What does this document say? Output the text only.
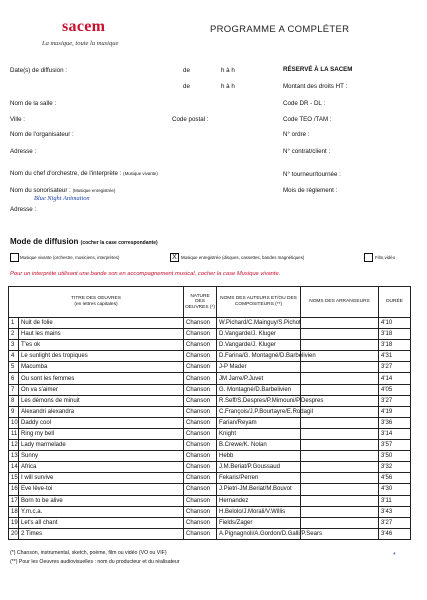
sacem
La musique, toute la musique
PROGRAMME A COMPLÉTER
Date(s) de diffusion :	de	h à h
de	h à h
Nom de la salle :
Ville :	Code postal :
Nom de l'organisateur :
Adresse :
Nom du chef d'orchestre, de l'interprète : (Musique vivante)
Nom du sonorisateur : (Musique enregistrée)
Blue Night Animation
Adresse :
RÉSERVÉ À LA SACEM
Montant des droits HT :
Code DR - DL :
Code TEO /TAM :
N° ordre :
N° contrat/client :
N° tourneur/tournée :
Mois de règlement :
Mode de diffusion (cocher la case correspondante)
Musique vivante (orchestre, musiciens, interprètes)	X Musique enregistrée (disques, cassettes, bandes magnétiques)	Film,vidéo
Pour un interprète utilisant une bande son en accompagnement musical, cocher la case Musique vivante.
TITRE DES OEUVRES
(en lettres capitales)		NATURE DES OEUVRES (*)	NOMS DES AUTEURS ET/OU DES COMPOSITEURS (**)	NOMS DES ARRANGEURS	DURÉE
1	Nuit de folie	Chanson	W.Pichard/C.Mainguy/S.Pichot		4'10
2	Haut les mains	Chanson	D.Vangarde/J. Kluger		3'18
3	T'es ok	Chanson	D.Vangarde/J. Kluger		3'18
4	Le sunlight des tropiques	Chanson	D.Farina/G. Montagné/D.Barbelivien		4'31
5	Macumba	Chanson	J-P Mader		3'27
6	Ou sont les femmes	Chanson	JM Jarre/P.Juvet		4'14
7	On va s'aimer	Chanson	G. Montagné/D.Barbelivien		4'05
8	Les démons de minuit	Chanson	R.Seff/S.Despres/P.Mimouni/P.Despres		3'27
9	Alexandri alexandra	Chanson	C.François/J.P.Bourtayre/E.Rodagil		4'19
10	Daddy cool	Chanson	Farian/Reyam		3'36
11	Ring my bell	Chanson	Knight		3'14
12	Lady marmelade	Chanson	B.Crewe/K. Nolan		3'57
13	Sunny	Chanson	Hebb		3'50
14	Africa	Chanson	J.M.Beriat/P.Goussaud		3'32
15	I will survive	Chanson	Fekaris/Perren		4'56
16	Eve lève-toi	Chanson	J.Pietri-JM.Beriat/M.Bouvot		4'30
17	Born to be alive	Chanson	Hernandez		3'11
18	Y.m.c.a.	Chanson	H.Belolo/J.Morali/V.Willis		3'43
19	Let's all chant	Chanson	Fields/Zager		3'27
20	2 Times	Chanson	A.Pignagnoli/A.Gordon/D.Galli/P.Sears		3'46
(*) Chanson, instrumental, sketch, poème, film ou vidéo (VO ou VIF)
(**) Pour les Oeuvres audiovisuelles : nom du producteur et du réalisateur
*
